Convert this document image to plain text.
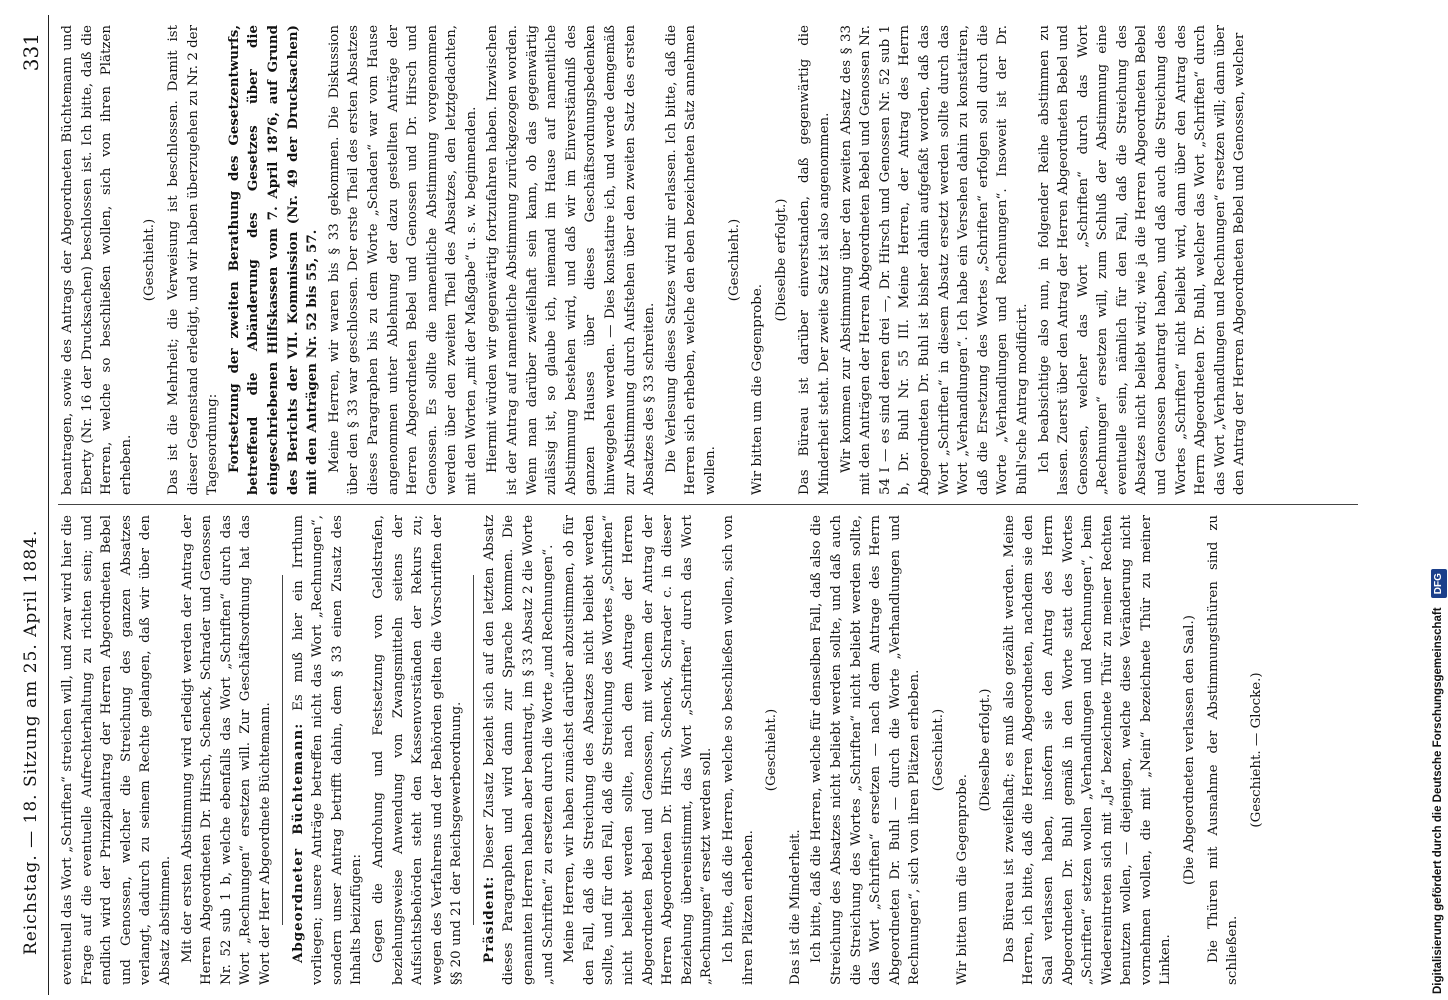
Reichstag. — 18. Sitzung am 25. April 1884.
331	beantragen, sowie des Antrags der Abgeordneten Büchtemann und Eberty (Nr. 16 der Drucksachen) beschlossen ist. Ich bitte, daß die Herren, welche so beschließen wollen, sich von ihren Plätzen erheben.

(Geschieht.) Das ist die Mehrheit; die Verweisung ist beschlossen. Damit ist dieser Gegenstand erledigt, und wir haben überzugehen zu Nr. 2 der Tagesordnung: Fortsetzung der zweiten Berathung des Gesetzentwurfs, betreffend die Abänderung des Gesetzes über die eingeschriebenen Hilfskassen vom 7. April 1876, auf Grund des Berichts der VII. Kommission (Nr. 49 der Drucksachen) mit den Anträgen Nr. 52 bis 55, 57. Meine Herren, wir waren bis § 33 gekommen. Die Diskussion über den § 33 war geschlossen. Der erste Theil des ersten Absatzes dieses Paragraphen bis zu dem Worte „Schaden“ war vom Hause angenommen unter Ablehnung der dazu gestellten Anträge der Herren Abgeordneten Bebel und Genossen und Dr. Hirsch und Genossen. Es sollte die namentliche Abstimmung vorgenommen werden über den zweiten Theil des Absatzes, den letztgedachten, mit den Worten „mit der Maßgabe“ u. s. w. beginnenden. Hiermit würden wir gegenwärtig fortzufahren haben. Inzwischen ist der Antrag auf namentliche Abstimmung zurückgezogen worden. Wenn man darüber zweifelhaft sein kann, ob das gegenwärtig zulässig ist, so glaube ich, niemand im Hause auf namentliche Abstimmung bestehen wird, und daß wir im Einverständniß des ganzen Hauses über dieses Geschäftsordnungsbedenken hinweggehen werden. — Dies konstatire ich, und werde demgemäß zur Abstimmung durch Aufstehen über den zweiten Satz des ersten Absatzes des § 33 schreiten. Die Verlesung dieses Satzes wird mir erlassen. Ich bitte, daß die Herren sich erheben, welche den eben bezeichneten Satz annehmen wollen.

(Geschieht.)

Wir bitten um die Gegenprobe.

(Dieselbe erfolgt.) Das Büreau ist darüber einverstanden, daß gegenwärtig die Minderheit steht. Der zweite Satz ist also angenommen. Wir kommen zur Abstimmung über den zweiten Absatz des § 33 mit den Anträgen der Herren Abgeordneten Bebel und Genossen Nr. 54 I — es sind deren drei —, Dr. Hirsch und Genossen Nr. 52 sub 1 b, Dr. Buhl Nr. 55 III. Meine Herren, der Antrag des Herrn Abgeordneten Dr. Buhl ist bisher dahin aufgefaßt worden, daß das Wort „Schriften“ in diesem Absatz ersetzt werden sollte durch das Wort „Verhandlungen“. Ich habe ein Versehen dahin zu konstatiren, daß die Ersetzung des Wortes „Schriften“ erfolgen soll durch die Worte „Verhandlungen und Rechnungen“. Insoweit ist der Dr. Buhl'sche Antrag modificirt. Ich beabsichtige also nun, in folgender Reihe abstimmen zu lassen. Zuerst über den Antrag der Herren Abgeordneten Bebel und Genossen, welcher das Wort „Schriften“ durch das Wort „Rechnungen“ ersetzen will, zum Schluß der Abstimmung eine eventuelle sein, nämlich für den Fall, daß die Streichung des Absatzes nicht beliebt wird; wie ja die Herren Abgeordneten Bebel und Genossen beantragt haben, und daß auch die Streichung des Wortes „Schriften“ nicht beliebt wird, dann über den Antrag des Herrn Abgeordneten Dr. Buhl, welcher das Wort „Schriften“ durch das Wort „Verhandlungen und Rechnungen“ ersetzen will; dann über den Antrag der Herren Abgeordneten Bebel und Genossen, welcher

eventuell das Wort „Schriften“ streichen will, und zwar wird hier die Frage auf die eventuelle Aufrechterhaltung zu richten sein; und endlich wird der Prinzipalantrag der Herren Abgeordneten Bebel und Genossen, welcher die Streichung des ganzen Absatzes verlangt, dadurch zu seinem Rechte gelangen, daß wir über den Absatz abstimmen. Mit der ersten Abstimmung wird erledigt werden der Antrag der Herren Abgeordneten Dr. Hirsch, Schenck, Schrader und Genossen Nr. 52 sub 1 b, welche ebenfalls das Wort „Schriften“ durch das Wort „Rechnungen“ ersetzen will. Zur Geschäftsordnung hat das Wort der Herr Abgeordnete Büchtemann. Abgeordneter Büchtemann: Es muß hier ein Irrthum vorliegen; unsere Anträge betreffen nicht das Wort „Rechnungen“, sondern unser Antrag betrifft dahin, dem § 33 einen Zusatz des Inhalts beizufügen: Gegen die Androhung und Festsetzung von Geldstrafen, beziehungsweise Anwendung von Zwangsmitteln seitens der Aufsichtsbehörden steht den Kassenvorständen der Rekurs zu; wegen des Verfahrens und der Behörden gelten die Vorschriften der §§ 20 und 21 der Reichsgewerbeordnung. Präsident: Dieser Zusatz bezieht sich auf den letzten Absatz dieses Paragraphen und wird dann zur Sprache kommen. Die genannten Herren haben aber beantragt, im § 33 Absatz 2 die Worte „und Schriften“ zu ersetzen durch die Worte „und Rechnungen“. Meine Herren, wir haben zunächst darüber abzustimmen, ob für den Fall, daß die Streichung des Absatzes nicht beliebt werden sollte, und für den Fall, daß die Streichung des Wortes „Schriften“ nicht beliebt werden sollte, nach dem Antrage der Herren Abgeordneten Bebel und Genossen, mit welchem der Antrag der Herren Abgeordneten Dr. Hirsch, Schenck, Schrader c. in dieser Beziehung übereinstimmt, das Wort „Schriften“ durch das Wort „Rechnungen“ ersetzt werden soll. Ich bitte, daß die Herren, welche so beschließen wollen, sich von ihren Plätzen erheben.

(Geschieht.)

Das ist die Minderheit. Ich bitte, daß die Herren, welche für denselben Fall, daß also die Streichung des Absatzes nicht beliebt werden sollte, und daß auch die Streichung des Wortes „Schriften“ nicht beliebt werden sollte, das Wort „Schriften“ ersetzen — nach dem Antrage des Herrn Abgeordneten Dr. Buhl — durch die Worte „Verhandlungen und Rechnungen“, sich von ihren Plätzen erheben. (Geschieht.)

Wir bitten um die Gegenprobe.

(Dieselbe erfolgt.) Das Büreau ist zweifelhaft; es muß also gezählt werden. Meine Herren, ich bitte, daß die Herren Abgeordneten, nachdem sie den Saal verlassen haben, insofern sie den Antrag des Herrn Abgeordneten Dr. Buhl gemäß in den Worte statt des Wortes „Schriften“ setzen wollen „Verhandlungen und Rechnungen“, beim Wiedereintreten sich mit „Ja“ bezeichnete Thür zu meiner Rechten benutzen wollen, — diejenigen, welche diese Veränderung nicht vornehmen wollen, die mit „Nein“ bezeichnete Thür zu meiner Linken.

(Die Abgeordneten verlassen den Saal.) Die Thüren mit Ausnahme der Abstimmungsthüren sind zu schließen.

(Geschieht. — Glocke.)	Digitalisierung gefördert durch die Deutsche Forschungsgemeinschaft DFG
